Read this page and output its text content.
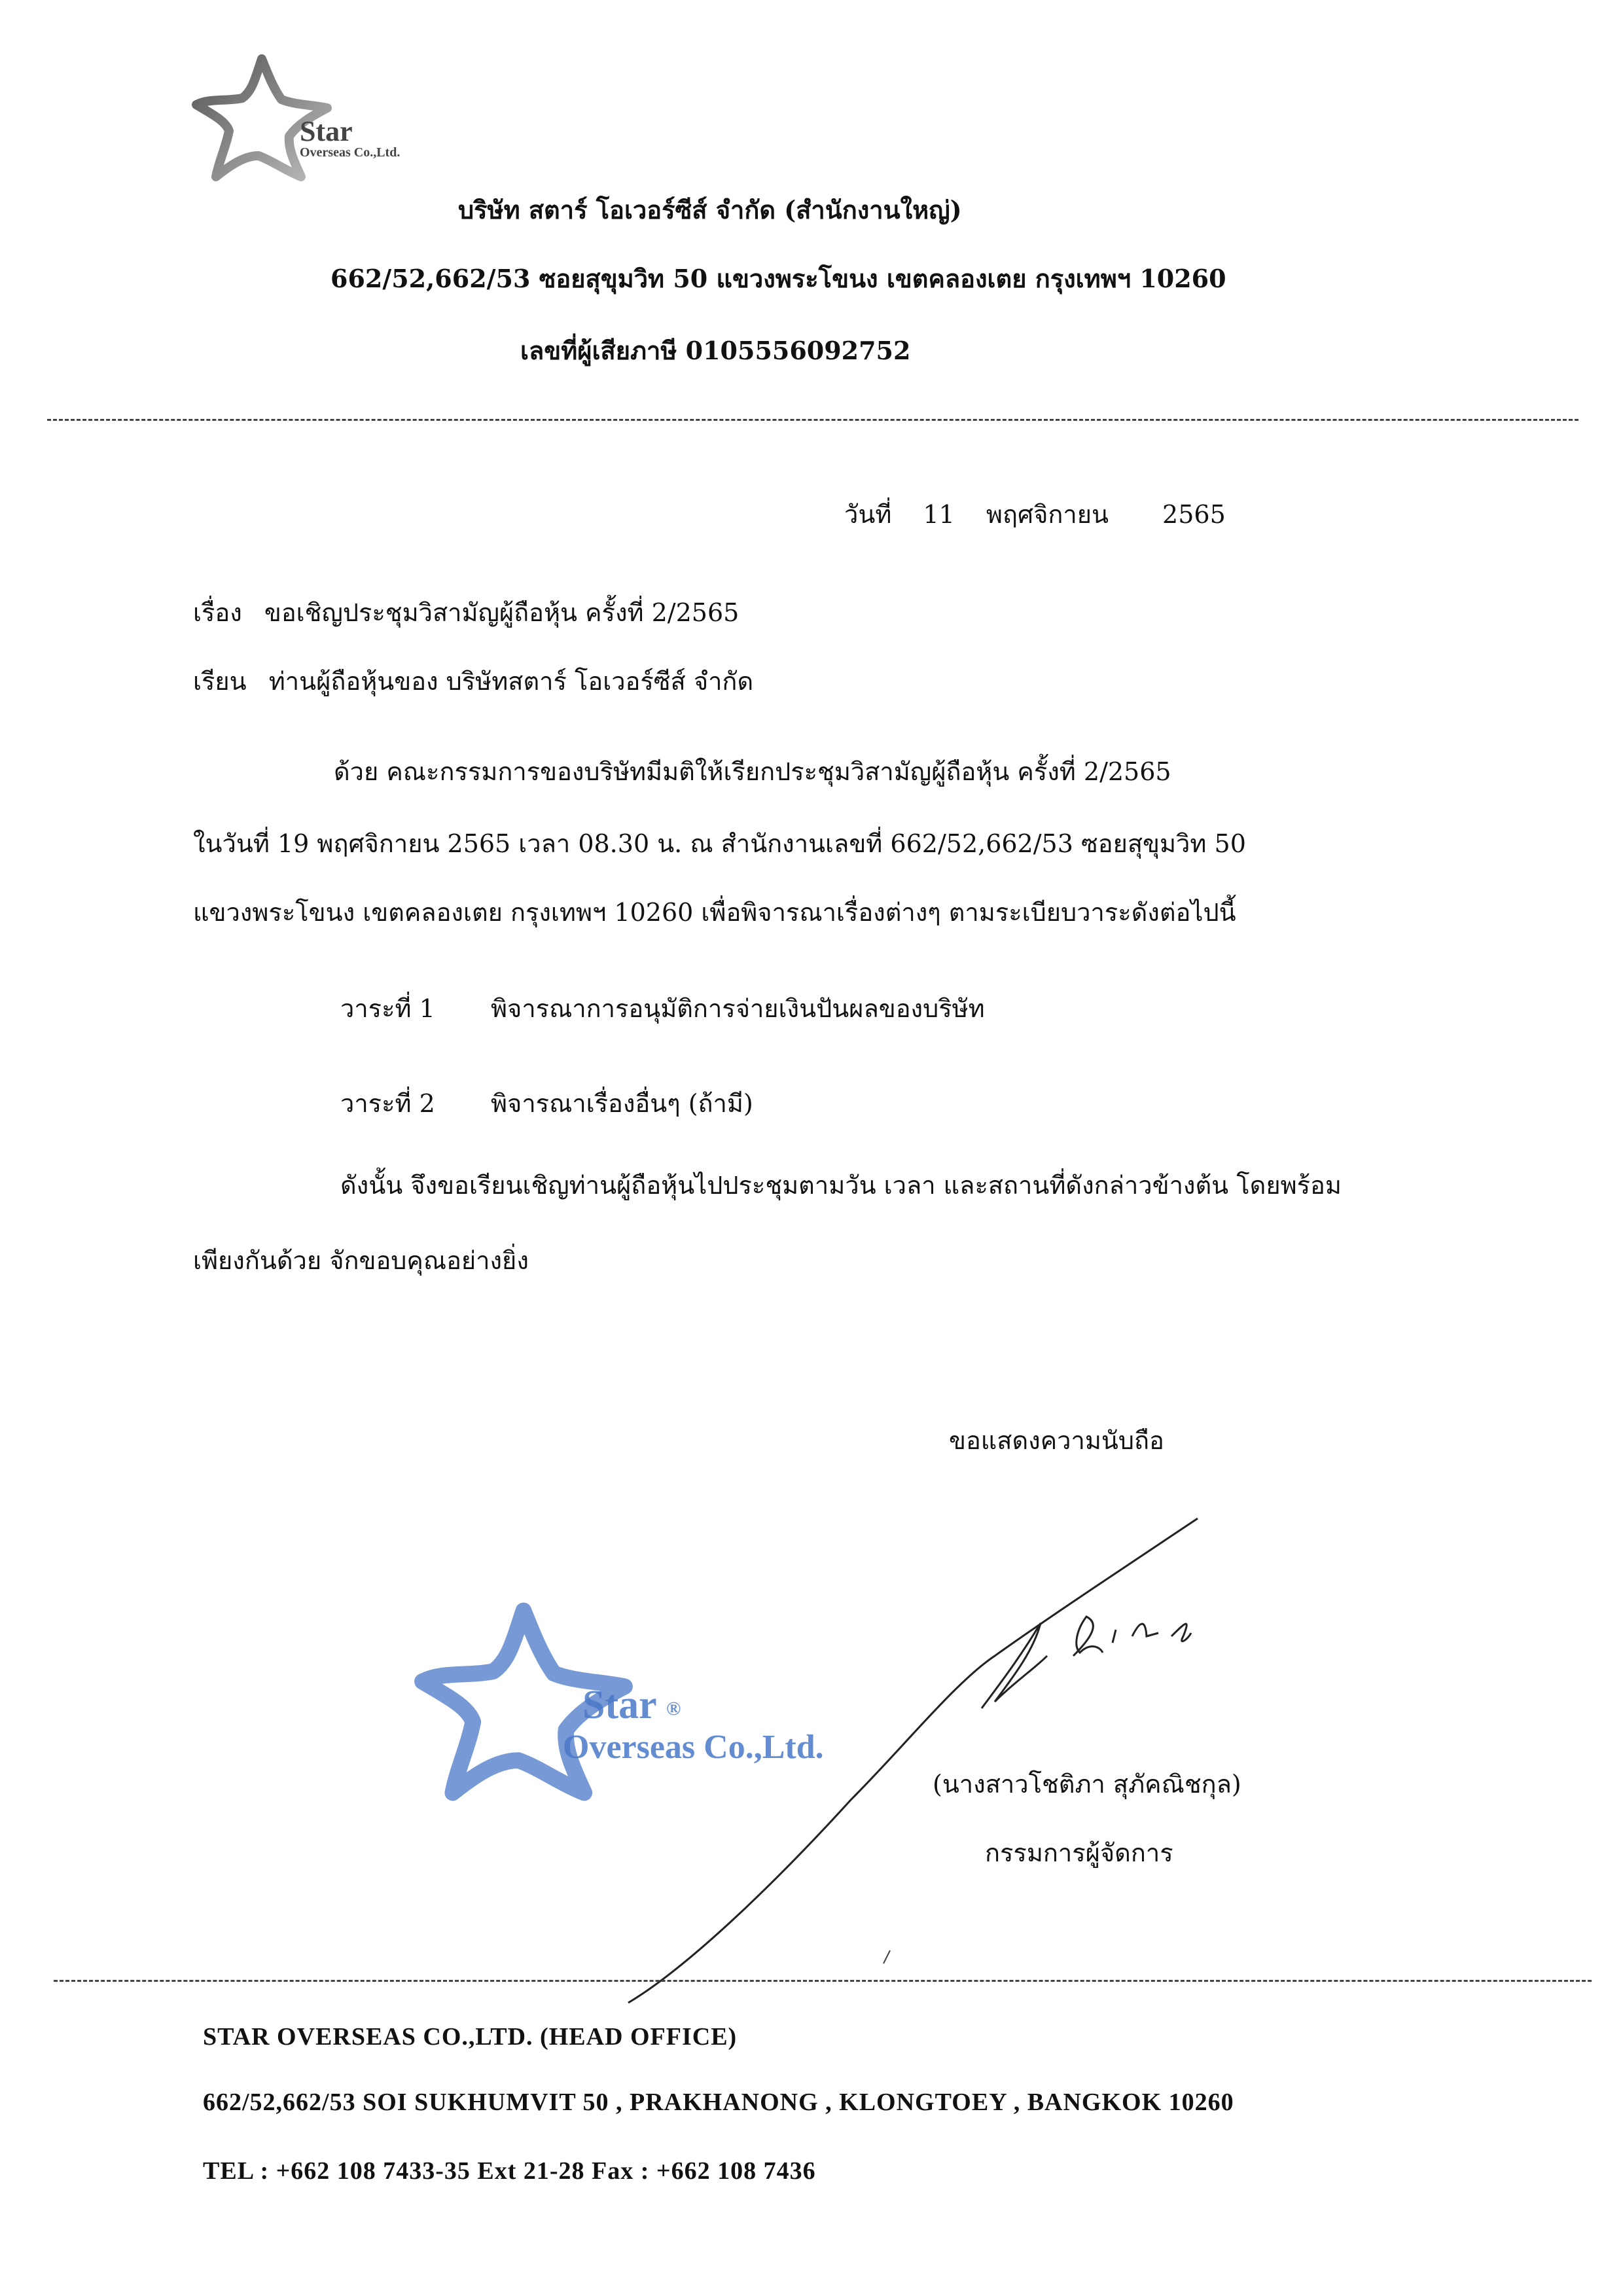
Star
Overseas Co.,Ltd.
บริษัท สตาร์ โอเวอร์ซีส์ จำกัด (สำนักงานใหญ่)
662/52,662/53 ซอยสุขุมวิท 50 แขวงพระโขนง เขตคลองเตย กรุงเทพฯ 10260
เลขที่ผู้เสียภาษี 0105556092752
วันที่ 11 พฤศจิกายน 2565
เรื่อง ขอเชิญประชุมวิสามัญผู้ถือหุ้น ครั้งที่ 2/2565
เรียน ท่านผู้ถือหุ้นของ บริษัทสตาร์ โอเวอร์ซีส์ จำกัด
ด้วย คณะกรรมการของบริษัทมีมติให้เรียกประชุมวิสามัญผู้ถือหุ้น ครั้งที่ 2/2565
ในวันที่ 19 พฤศจิกายน 2565 เวลา 08.30 น. ณ สำนักงานเลขที่ 662/52,662/53 ซอยสุขุมวิท 50
แขวงพระโขนง เขตคลองเตย กรุงเทพฯ 10260 เพื่อพิจารณาเรื่องต่างๆ ตามระเบียบวาระดังต่อไปนี้
วาระที่ 1 พิจารณาการอนุมัติการจ่ายเงินปันผลของบริษัท
วาระที่ 2 พิจารณาเรื่องอื่นๆ (ถ้ามี)
ดังนั้น จึงขอเรียนเชิญท่านผู้ถือหุ้นไปประชุมตามวัน เวลา และสถานที่ดังกล่าวข้างต้น โดยพร้อม
เพียงกันด้วย จักขอบคุณอย่างยิ่ง
ขอแสดงความนับถือ
Star ®
Overseas Co.,Ltd.
(นางสาวโชติภา สุภัคณิชกุล)
กรรมการผู้จัดการ
STAR OVERSEAS CO.,LTD. (HEAD OFFICE)
662/52,662/53 SOI SUKHUMVIT 50 , PRAKHANONG , KLONGTOEY , BANGKOK 10260
TEL : +662 108 7433-35 Ext 21-28 Fax : +662 108 7436
